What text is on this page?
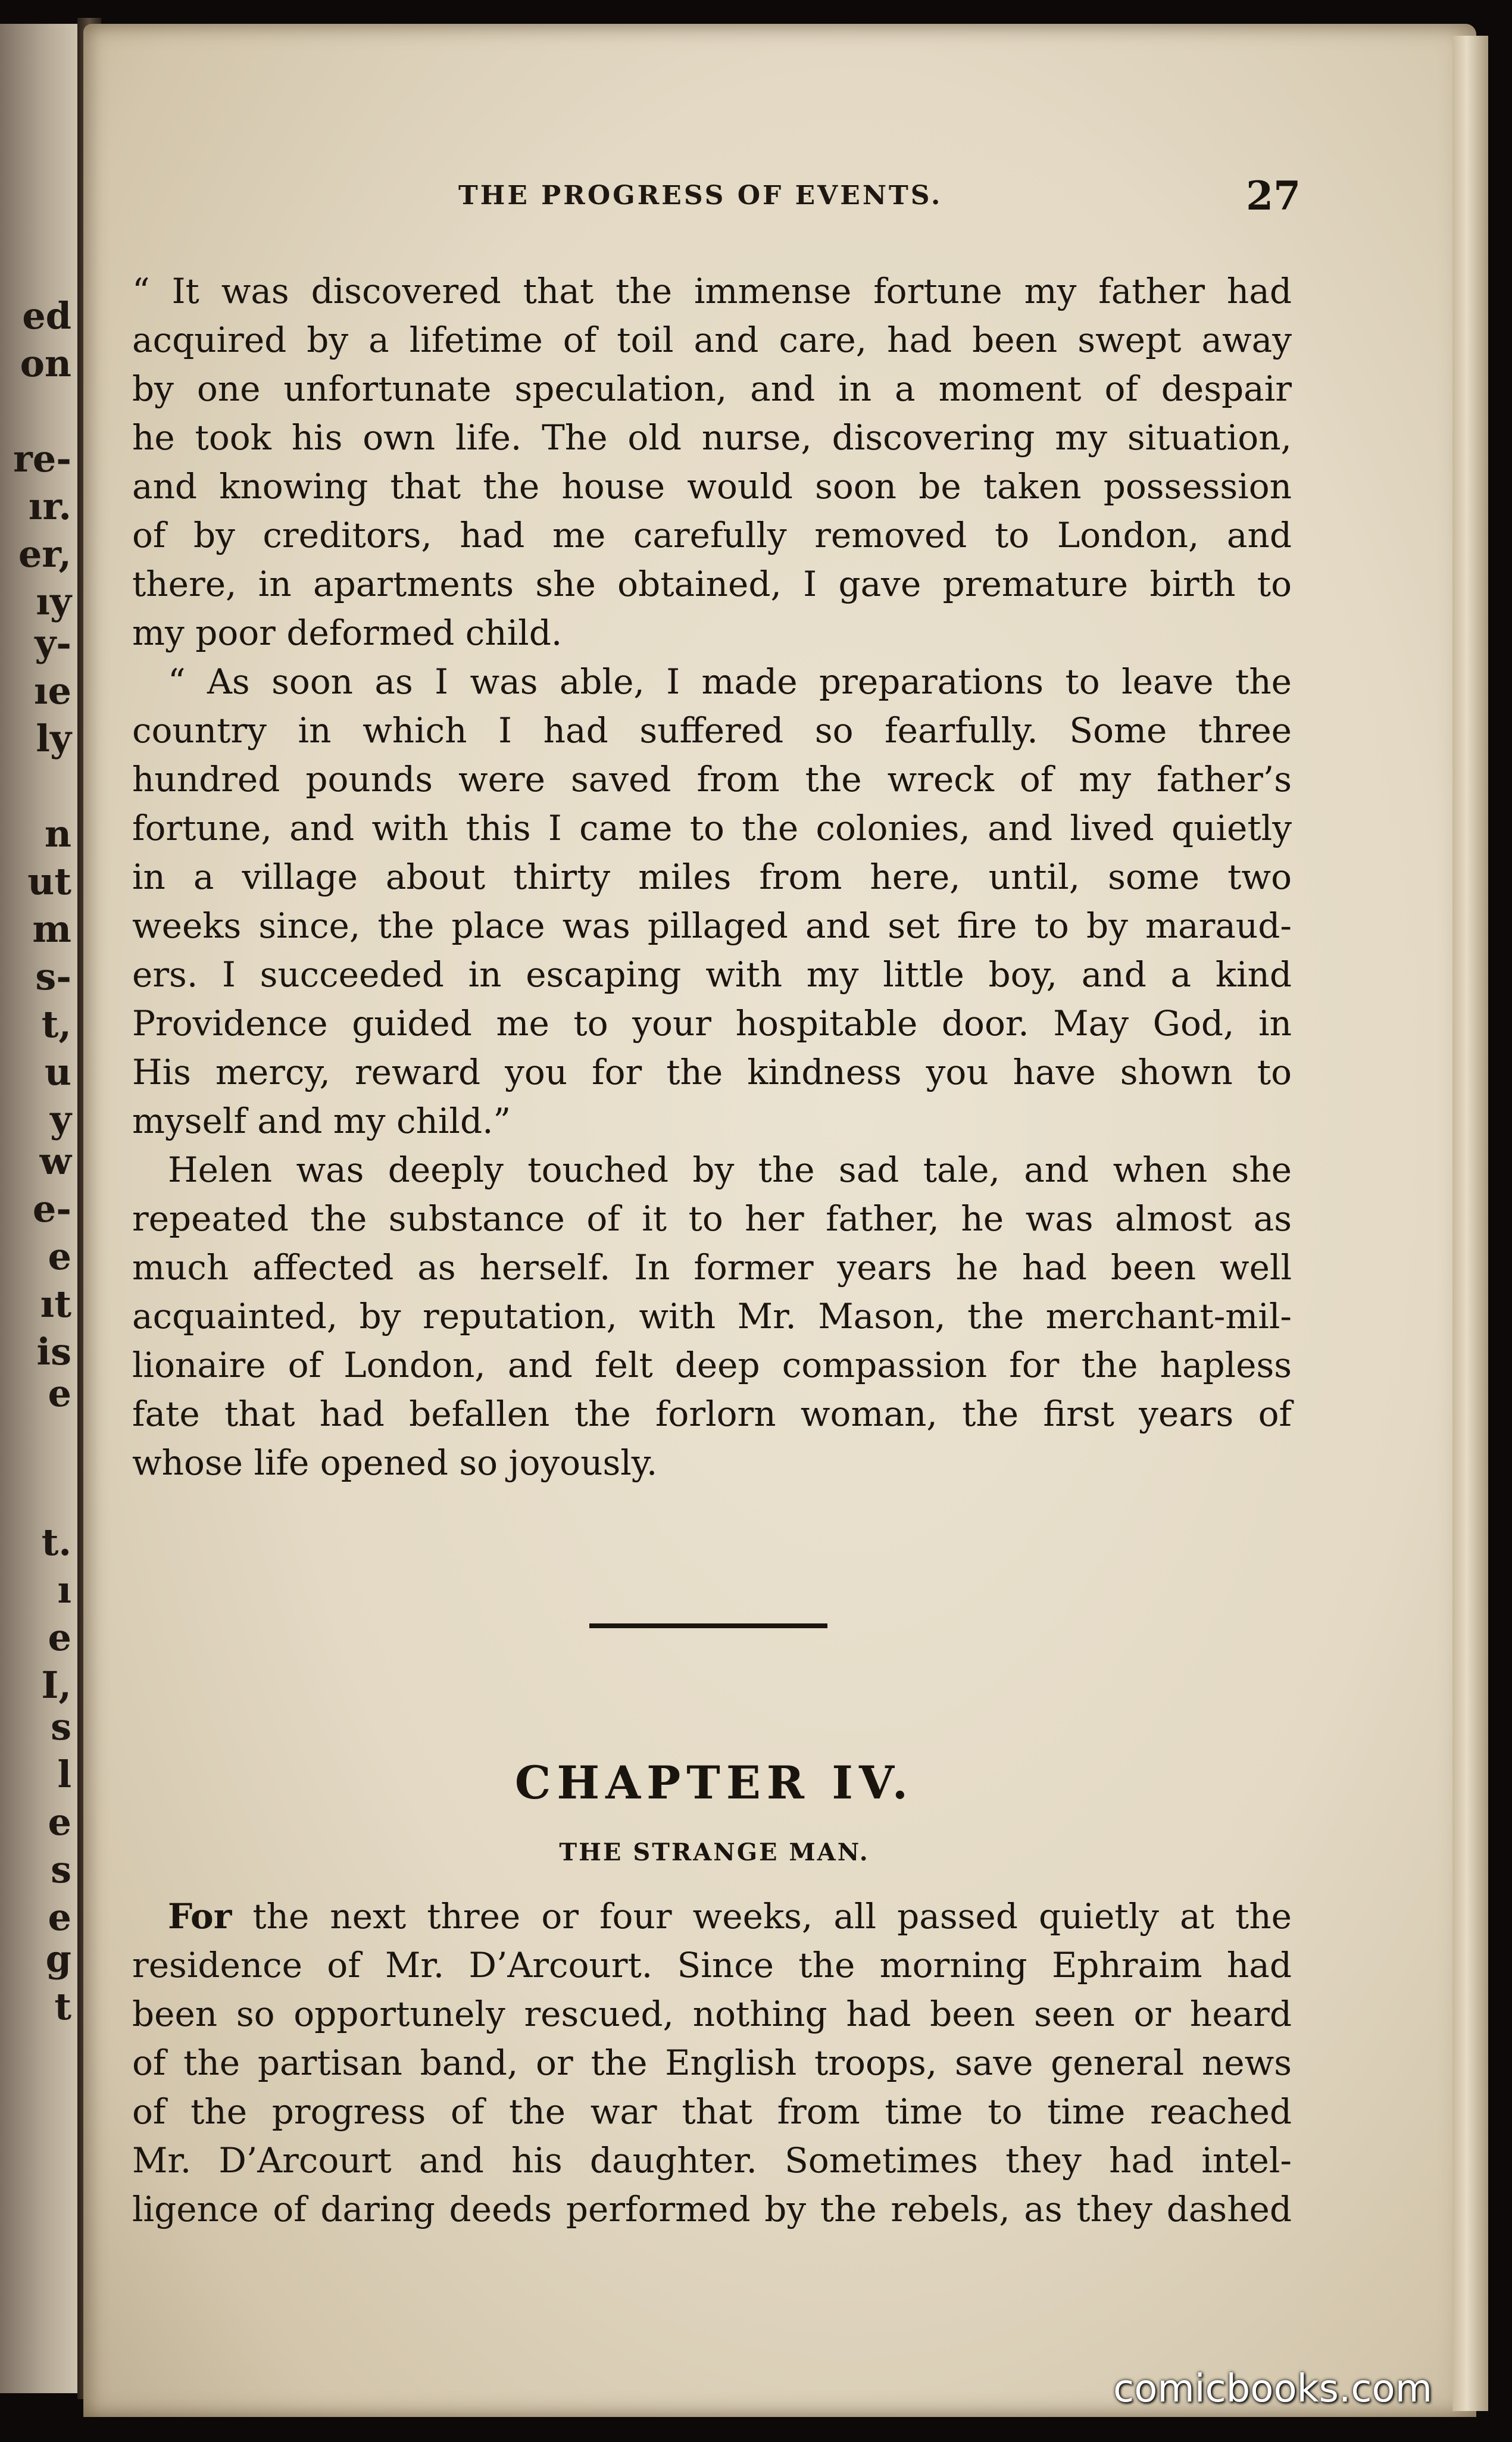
ed
on
re-
ır.
er,
ıy
y-
ıe
ly
n
ut
m
s-
t,
u
y
w
e-
e
ıt
is
e
t.
ı
e
I,
s
l
e
s
e
g
t
THE PROGRESS OF EVENTS.	27
“ It was discovered that the immense fortune my father had
acquired by a lifetime of toil and care, had been swept away
by one unfortunate speculation, and in a moment of despair
he took his own life. The old nurse, discovering my situation,
and knowing that the house would soon be taken possession
of by creditors, had me carefully removed to London, and
there, in apartments she obtained, I gave premature birth to
my poor deformed child.
“ As soon as I was able, I made preparations to leave the
country in which I had suffered so fearfully. Some three
hundred pounds were saved from the wreck of my father’s
fortune, and with this I came to the colonies, and lived quietly
in a village about thirty miles from here, until, some two
weeks since, the place was pillaged and set fire to by maraud-
ers. I succeeded in escaping with my little boy, and a kind
Providence guided me to your hospitable door. May God, in
His mercy, reward you for the kindness you have shown to
myself and my child.”
Helen was deeply touched by the sad tale, and when she
repeated the substance of it to her father, he was almost as
much affected as herself. In former years he had been well
acquainted, by reputation, with Mr. Mason, the merchant-mil-
lionaire of London, and felt deep compassion for the hapless
fate that had befallen the forlorn woman, the first years of
whose life opened so joyously.
CHAPTER IV.
THE STRANGE MAN.
For the next three or four weeks, all passed quietly at the
residence of Mr. D’Arcourt. Since the morning Ephraim had
been so opportunely rescued, nothing had been seen or heard
of the partisan band, or the English troops, save general news
of the progress of the war that from time to time reached
Mr. D’Arcourt and his daughter. Sometimes they had intel-
ligence of daring deeds performed by the rebels, as they dashed
comicbooks.com
